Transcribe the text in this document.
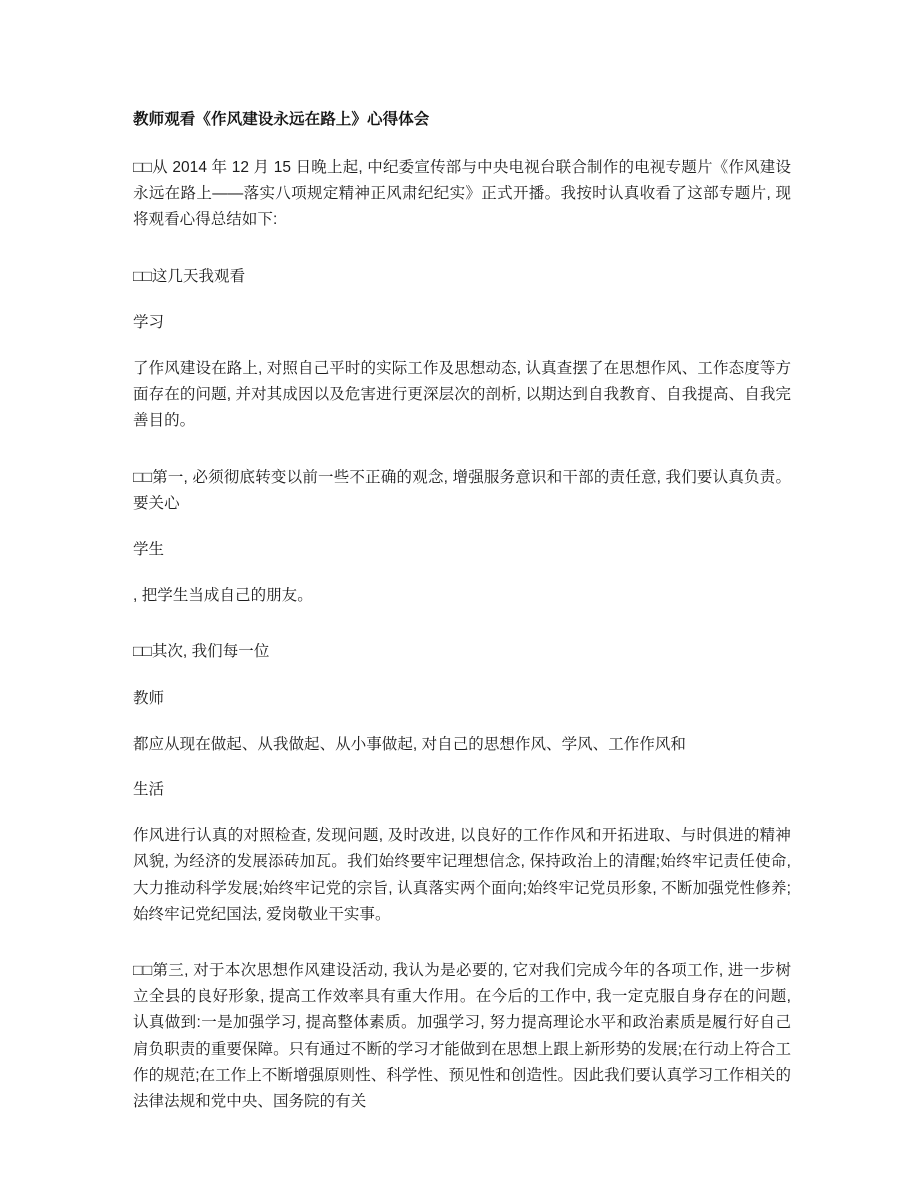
教师观看《作风建设永远在路上》心得体会

□□从 2014 年 12 月 15 日晚上起, 中纪委宣传部与中央电视台联合制作的电视专题片《作风建设永远在路上——落实八项规定精神正风肃纪纪实》正式开播。我按时认真收看了这部专题片, 现将观看心得总结如下:

□□这几天我观看

学习

了作风建设在路上, 对照自己平时的实际工作及思想动态, 认真查摆了在思想作风、工作态度等方面存在的问题, 并对其成因以及危害进行更深层次的剖析, 以期达到自我教育、自我提高、自我完善目的。

□□第一, 必须彻底转变以前一些不正确的观念, 增强服务意识和干部的责任意, 我们要认真负责。要关心

学生

, 把学生当成自己的朋友。

□□其次, 我们每一位

教师

都应从现在做起、从我做起、从小事做起, 对自己的思想作风、学风、工作作风和

生活

作风进行认真的对照检查, 发现问题, 及时改进, 以良好的工作作风和开拓进取、与时俱进的精神风貌, 为经济的发展添砖加瓦。我们始终要牢记理想信念, 保持政治上的清醒;始终牢记责任使命, 大力推动科学发展;始终牢记党的宗旨, 认真落实两个面向;始终牢记党员形象, 不断加强党性修养;始终牢记党纪国法, 爱岗敬业干实事。

□□第三, 对于本次思想作风建设活动, 我认为是必要的, 它对我们完成今年的各项工作, 进一步树立全县的良好形象, 提高工作效率具有重大作用。在今后的工作中, 我一定克服自身存在的问题, 认真做到:一是加强学习, 提高整体素质。加强学习, 努力提高理论水平和政治素质是履行好自己肩负职责的重要保障。只有通过不断的学习才能做到在思想上跟上新形势的发展;在行动上符合工作的规范;在工作上不断增强原则性、科学性、预见性和创造性。因此我们要认真学习工作相关的法律法规和党中央、国务院的有关
